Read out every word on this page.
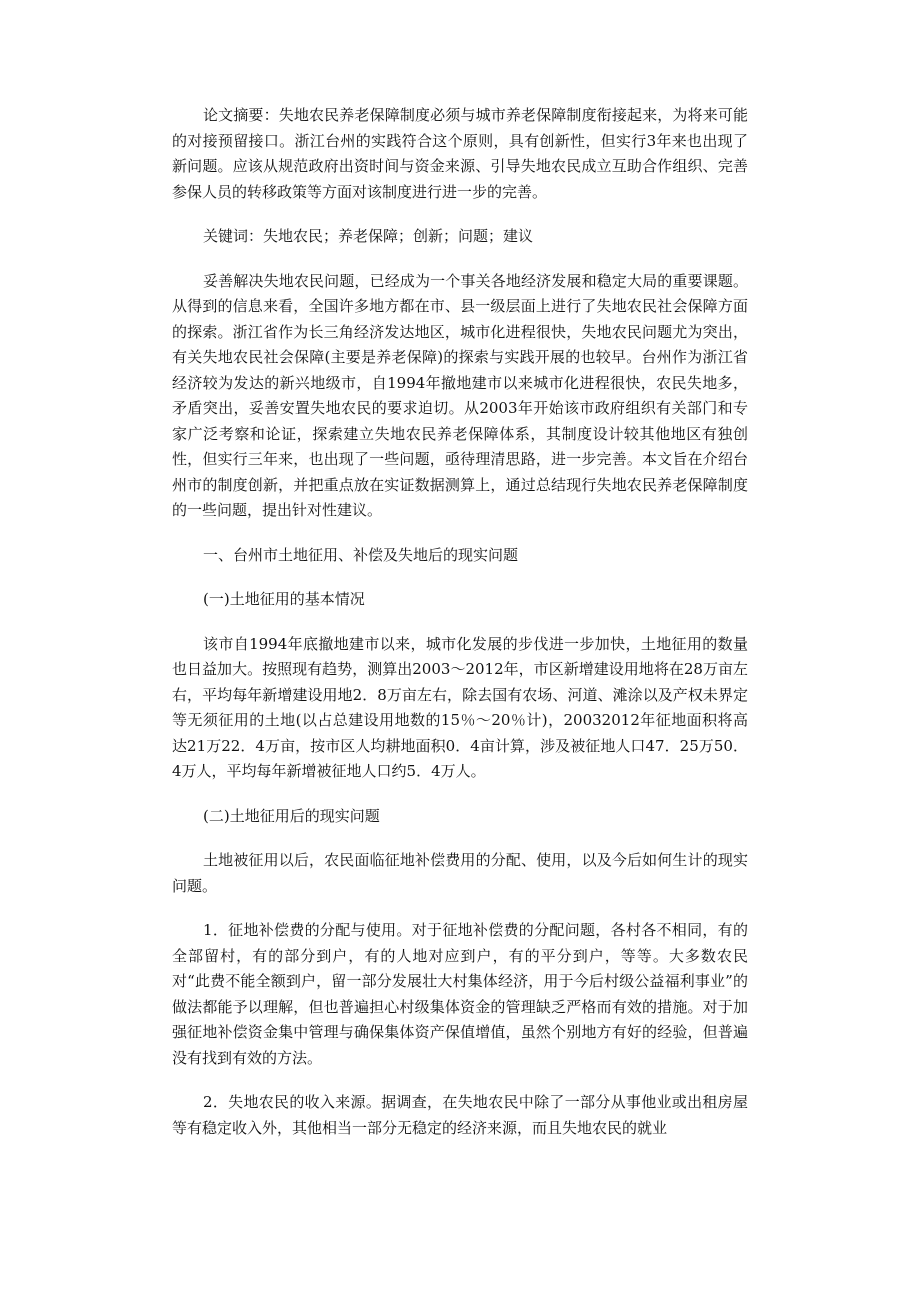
论文摘要：失地农民养老保障制度必须与城市养老保障制度衔接起来，为将来可能的对接预留接口。浙江台州的实践符合这个原则，具有创新性，但实行3年来也出现了新问题。应该从规范政府出资时间与资金来源、引导失地农民成立互助合作组织、完善参保人员的转移政策等方面对该制度进行进一步的完善。

关键词：失地农民；养老保障；创新；问题；建议

妥善解决失地农民问题，已经成为一个事关各地经济发展和稳定大局的重要课题。从得到的信息来看，全国许多地方都在市、县一级层面上进行了失地农民社会保障方面的探索。浙江省作为长三角经济发达地区，城市化进程很快，失地农民问题尤为突出，有关失地农民社会保障(主要是养老保障)的探索与实践开展的也较早。台州作为浙江省经济较为发达的新兴地级市，自1994年撤地建市以来城市化进程很快，农民失地多，矛盾突出，妥善安置失地农民的要求迫切。从2003年开始该市政府组织有关部门和专家广泛考察和论证，探索建立失地农民养老保障体系，其制度设计较其他地区有独创性，但实行三年来，也出现了一些问题，亟待理清思路，进一步完善。本文旨在介绍台州市的制度创新，并把重点放在实证数据测算上，通过总结现行失地农民养老保障制度的一些问题，提出针对性建议。

一、台州市土地征用、补偿及失地后的现实问题

(一)土地征用的基本情况

该市自1994年底撤地建市以来，城市化发展的步伐进一步加快，土地征用的数量也日益加大。按照现有趋势，测算出2003～2012年，市区新增建设用地将在28万亩左右，平均每年新增建设用地2．8万亩左右，除去国有农场、河道、滩涂以及产权未界定等无须征用的土地(以占总建设用地数的15％～20％计)，20032012年征地面积将高达21万22．4万亩，按市区人均耕地面积0．4亩计算，涉及被征地人口47．25万50．4万人，平均每年新增被征地人口约5．4万人。

(二)土地征用后的现实问题

土地被征用以后，农民面临征地补偿费用的分配、使用，以及今后如何生计的现实问题。

1．征地补偿费的分配与使用。对于征地补偿费的分配问题，各村各不相同，有的全部留村，有的部分到户，有的人地对应到户，有的平分到户，等等。大多数农民对“此费不能全额到户，留一部分发展壮大村集体经济，用于今后村级公益福利事业”的做法都能予以理解，但也普遍担心村级集体资金的管理缺乏严格而有效的措施。对于加强征地补偿资金集中管理与确保集体资产保值增值，虽然个别地方有好的经验，但普遍没有找到有效的方法。

2．失地农民的收入来源。据调查，在失地农民中除了一部分从事他业或出租房屋等有稳定收入外，其他相当一部分无稳定的经济来源，而且失地农民的就业
